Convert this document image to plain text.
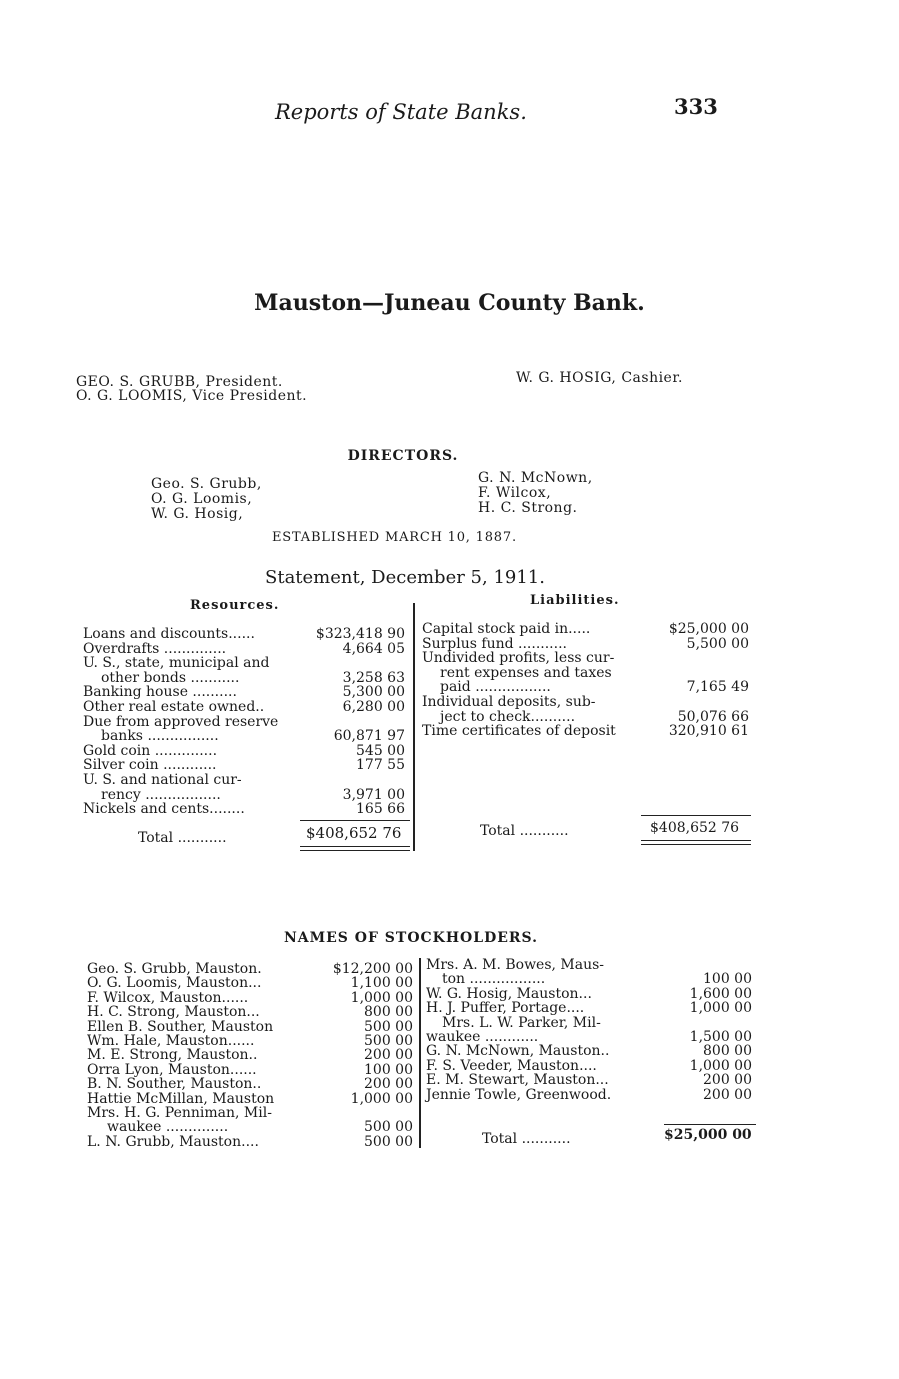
Reports of State Banks.	333
Mauston—Juneau County Bank.
GEO. S. GRUBB, President.
O. G. LOOMIS, Vice President.
W. G. HOSIG, Cashier.
DIRECTORS.
Geo. S. Grubb,
O. G. Loomis,
W. G. Hosig,
G. N. McNown,
F. Wilcox,
H. C. Strong.
ESTABLISHED MARCH 10, 1887.
Statement, December 5, 1911.
Resources.	Liabilities.
Loans and discounts......	$323,418 90
Overdrafts ..............	4,664 05
U. S., state, municipal and
other bonds ...........	3,258 63
Banking house ..........	5,300 00
Other real estate owned..	6,280 00
Due from approved reserve
banks ................	60,871 97
Gold coin ..............	545 00
Silver coin ............	177 55
U. S. and national cur-
rency .................	3,971 00
Nickels and cents........	165 66
Capital stock paid in.....	$25,000 00
Surplus fund ...........	5,500 00
Undivided profits, less cur-
rent expenses and taxes
paid .................	7,165 49
Individual deposits, sub-
ject to check..........	50,076 66
Time certificates of deposit	320,910 61
Total ...........	$408,652 76	Total ...........	$408,652 76
NAMES OF STOCKHOLDERS.
Geo. S. Grubb, Mauston.	$12,200 00
O. G. Loomis, Mauston...	1,100 00
F. Wilcox, Mauston......	1,000 00
H. C. Strong, Mauston...	800 00
Ellen B. Souther, Mauston	500 00
Wm. Hale, Mauston......	500 00
M. E. Strong, Mauston..	200 00
Orra Lyon, Mauston......	100 00
B. N. Souther, Mauston..	200 00
Hattie McMillan, Mauston	1,000 00
Mrs. H. G. Penniman, Mil-
waukee ..............	500 00
L. N. Grubb, Mauston....	500 00
Mrs. A. M. Bowes, Maus-
ton .................	100 00
W. G. Hosig, Mauston...	1,600 00
H. J. Puffer, Portage....	1,000 00
Mrs. L. W. Parker, Mil-
waukee ............	1,500 00
G. N. McNown, Mauston..	800 00
F. S. Veeder, Mauston....	1,000 00
E. M. Stewart, Mauston...	200 00
Jennie Towle, Greenwood.	200 00
Total ...........	$25,000 00
